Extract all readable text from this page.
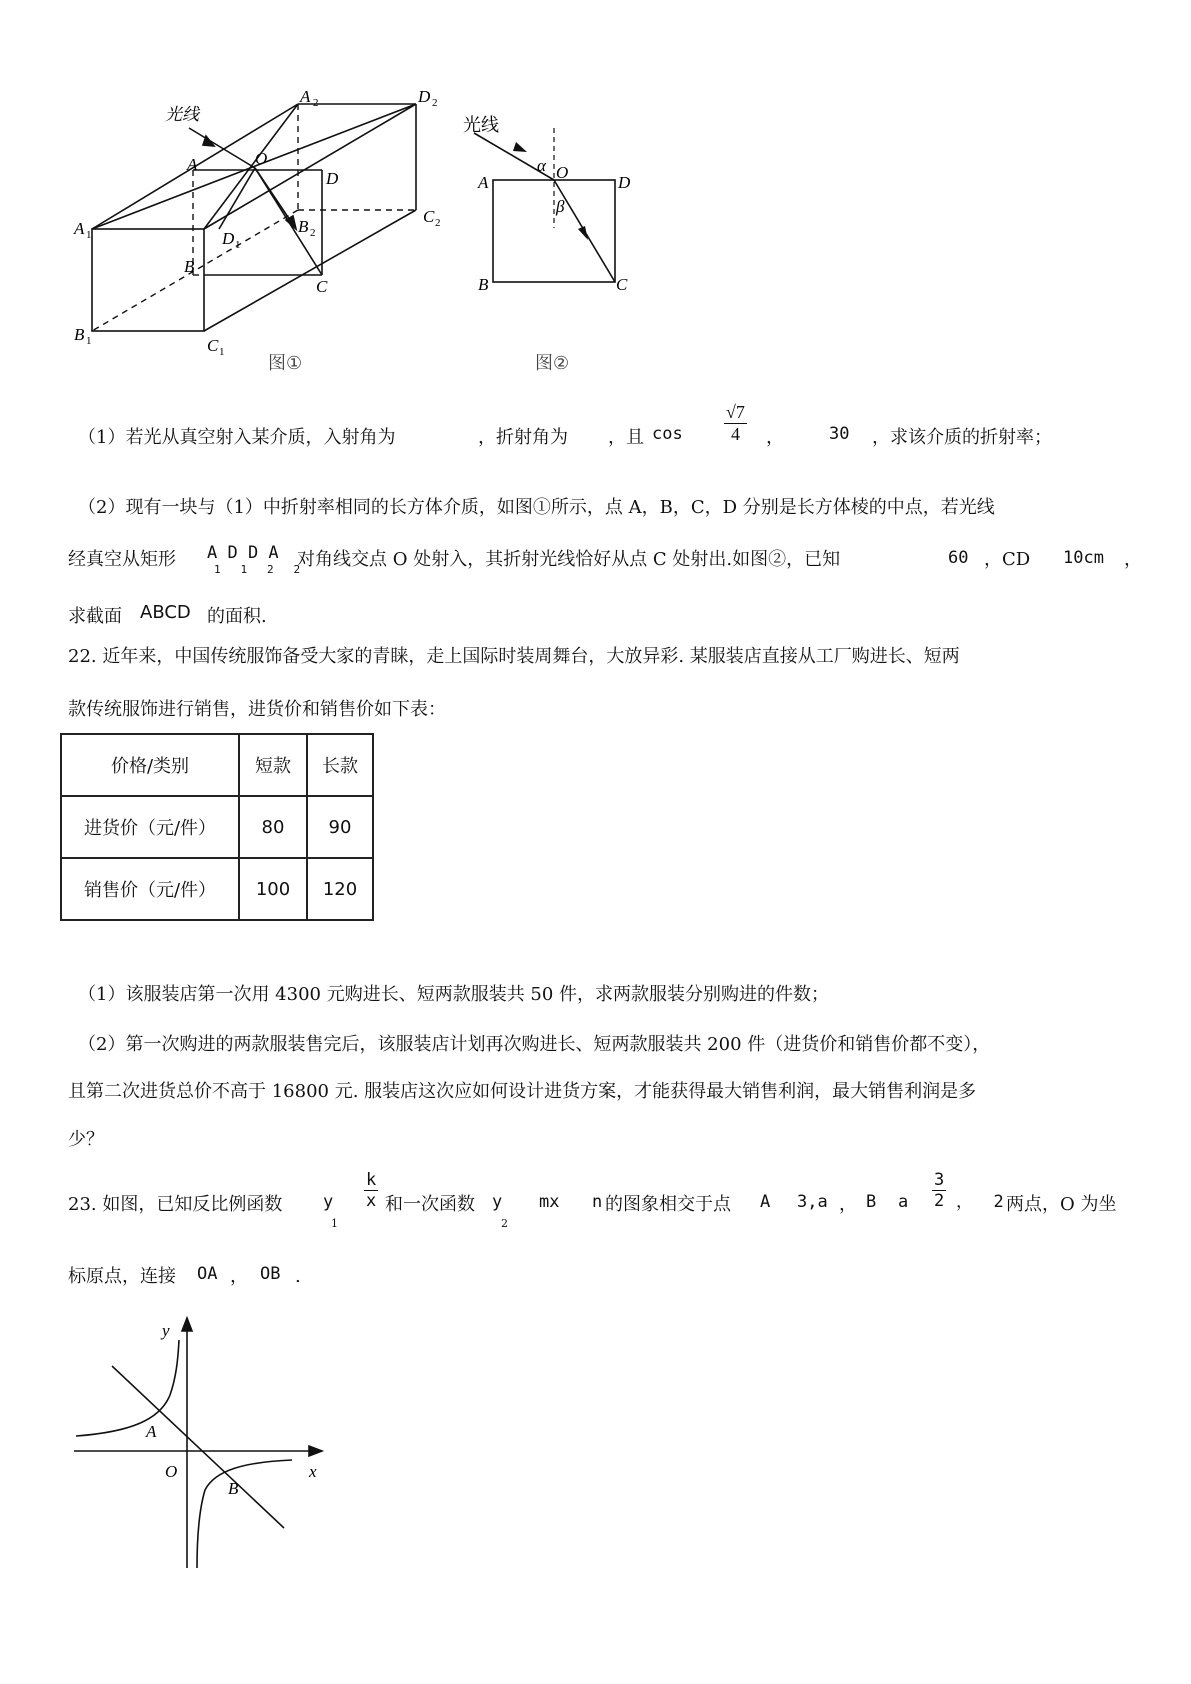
光线
A 2	D 2
A	O
D
A 1	D 1
B 2
C 2
B
C
B 1	C 1
图①
光线
α O
A	D
β
B	C
图②
（1）若光从真空射入某介质，入射角为	，折射角为 ，且 $\cos \frac{√7}{4}$ ，	30 ，求该介质的折射率；
（2）现有一块与（1）中折射率相同的长方体介质，如图①所示，点 A，B，C，D 分别是长方体棱的中点，若光线
经真空从矩形 A D D A
1   1   2   2
对角线交点 O 处射入，其折射光线恰好从点 C 处射出.如图②，已知	60 ，CD 10cm ，
求截面 ABCD 的面积.
22. 近年来，中国传统服饰备受大家的青睐，走上国际时装周舞台，大放异彩. 某服装店直接从工厂购进长、短两
款传统服饰进行销售，进货价和销售价如下表：
价格/类别	短款	长款
进货价（元/件）	80	90
销售价（元/件）	100	120
（1）该服装店第一次用 4300 元购进长、短两款服装共 50 件，求两款服装分别购进的件数；
（2）第一次购进的两款服装售完后，该服装店计划再次购进长、短两款服装共 200 件（进货价和销售价都不变），
且第二次进货总价不高于 16800 元. 服装店这次应如何设计进货方案，才能获得最大销售利润，最大销售利润是多
少？
23. 如图，已知反比例函数 y
1
$\frac{k}{x}$ 和一次函数 y
2
mx n 的图象相交于点 A 3,a ， B a $\frac{3}{2}$ ，  2 两点，O 为坐
标原点，连接 OA ， OB .
y
x
O
A
B
